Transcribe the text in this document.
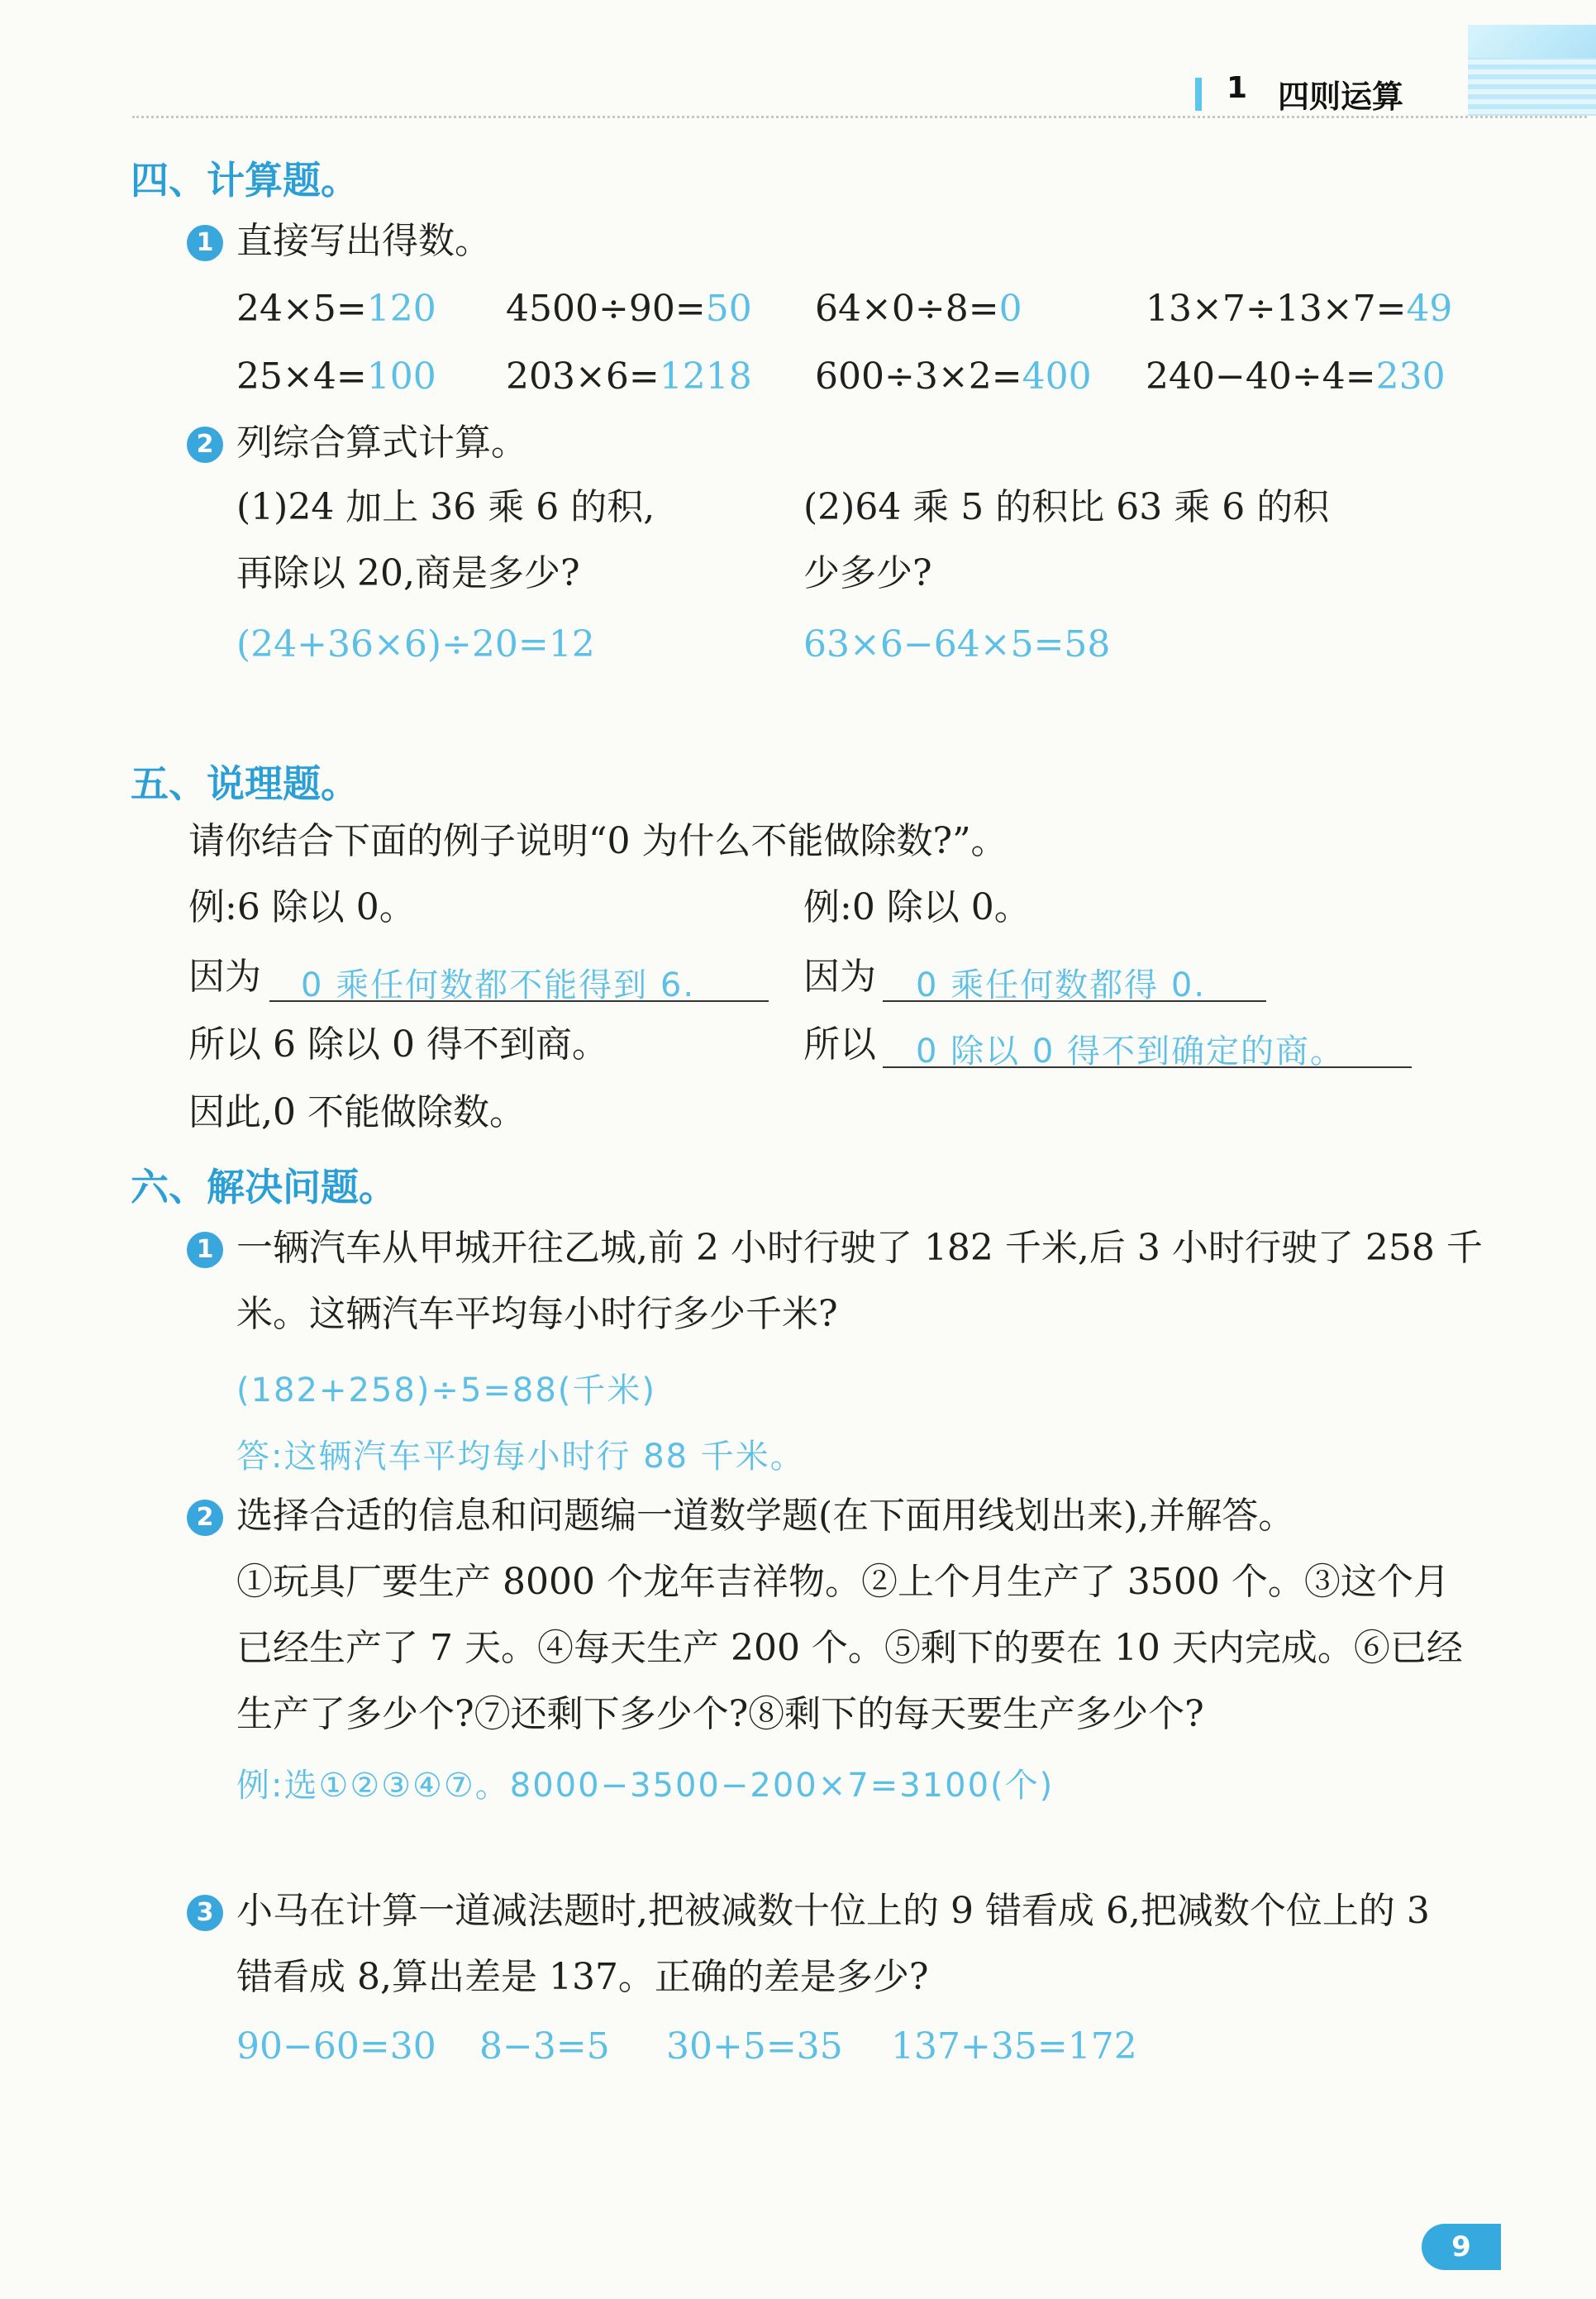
1 四则运算
四、计算题。
1 直接写出得数。
24×5=120 4500÷90=50 64×0÷8=0	13×7÷13×7=49
25×4=100 203×6=1218 600÷3×2=400 240−40÷4=230
2 列综合算式计算。
(1)24 加上 36 乘 6 的积,
再除以 20,商是多少?
(24+36×6)÷20=12
(2)64 乘 5 的积比 63 乘 6 的积
少多少?
63×6−64×5=58
五、说理题。
请你结合下面的例子说明“0 为什么不能做除数?”。
例:6 除以 0。	例:0 除以 0。
因为 0 乘任何数都不能得到 6.	因为 0 乘任何数都得 0.
所以 6 除以 0 得不到商。	所以 0 除以 0 得不到确定的商。
因此,0 不能做除数。
六、解决问题。
1 一辆汽车从甲城开往乙城,前 2 小时行驶了 182 千米,后 3 小时行驶了 258 千
米。这辆汽车平均每小时行多少千米?
(182+258)÷5=88(千米)
答:这辆汽车平均每小时行 88 千米。
2 选择合适的信息和问题编一道数学题(在下面用线划出来),并解答。
①玩具厂要生产 8000 个龙年吉祥物。②上个月生产了 3500 个。③这个月
已经生产了 7 天。④每天生产 200 个。⑤剩下的要在 10 天内完成。⑥已经
生产了多少个?⑦还剩下多少个?⑧剩下的每天要生产多少个?
例:选①②③④⑦。8000−3500−200×7=3100(个)
3 小马在计算一道减法题时,把被减数十位上的 9 错看成 6,把减数个位上的 3
错看成 8,算出差是 137。正确的差是多少?
90−60=30 8−3=5 30+5=35 137+35=172
9
